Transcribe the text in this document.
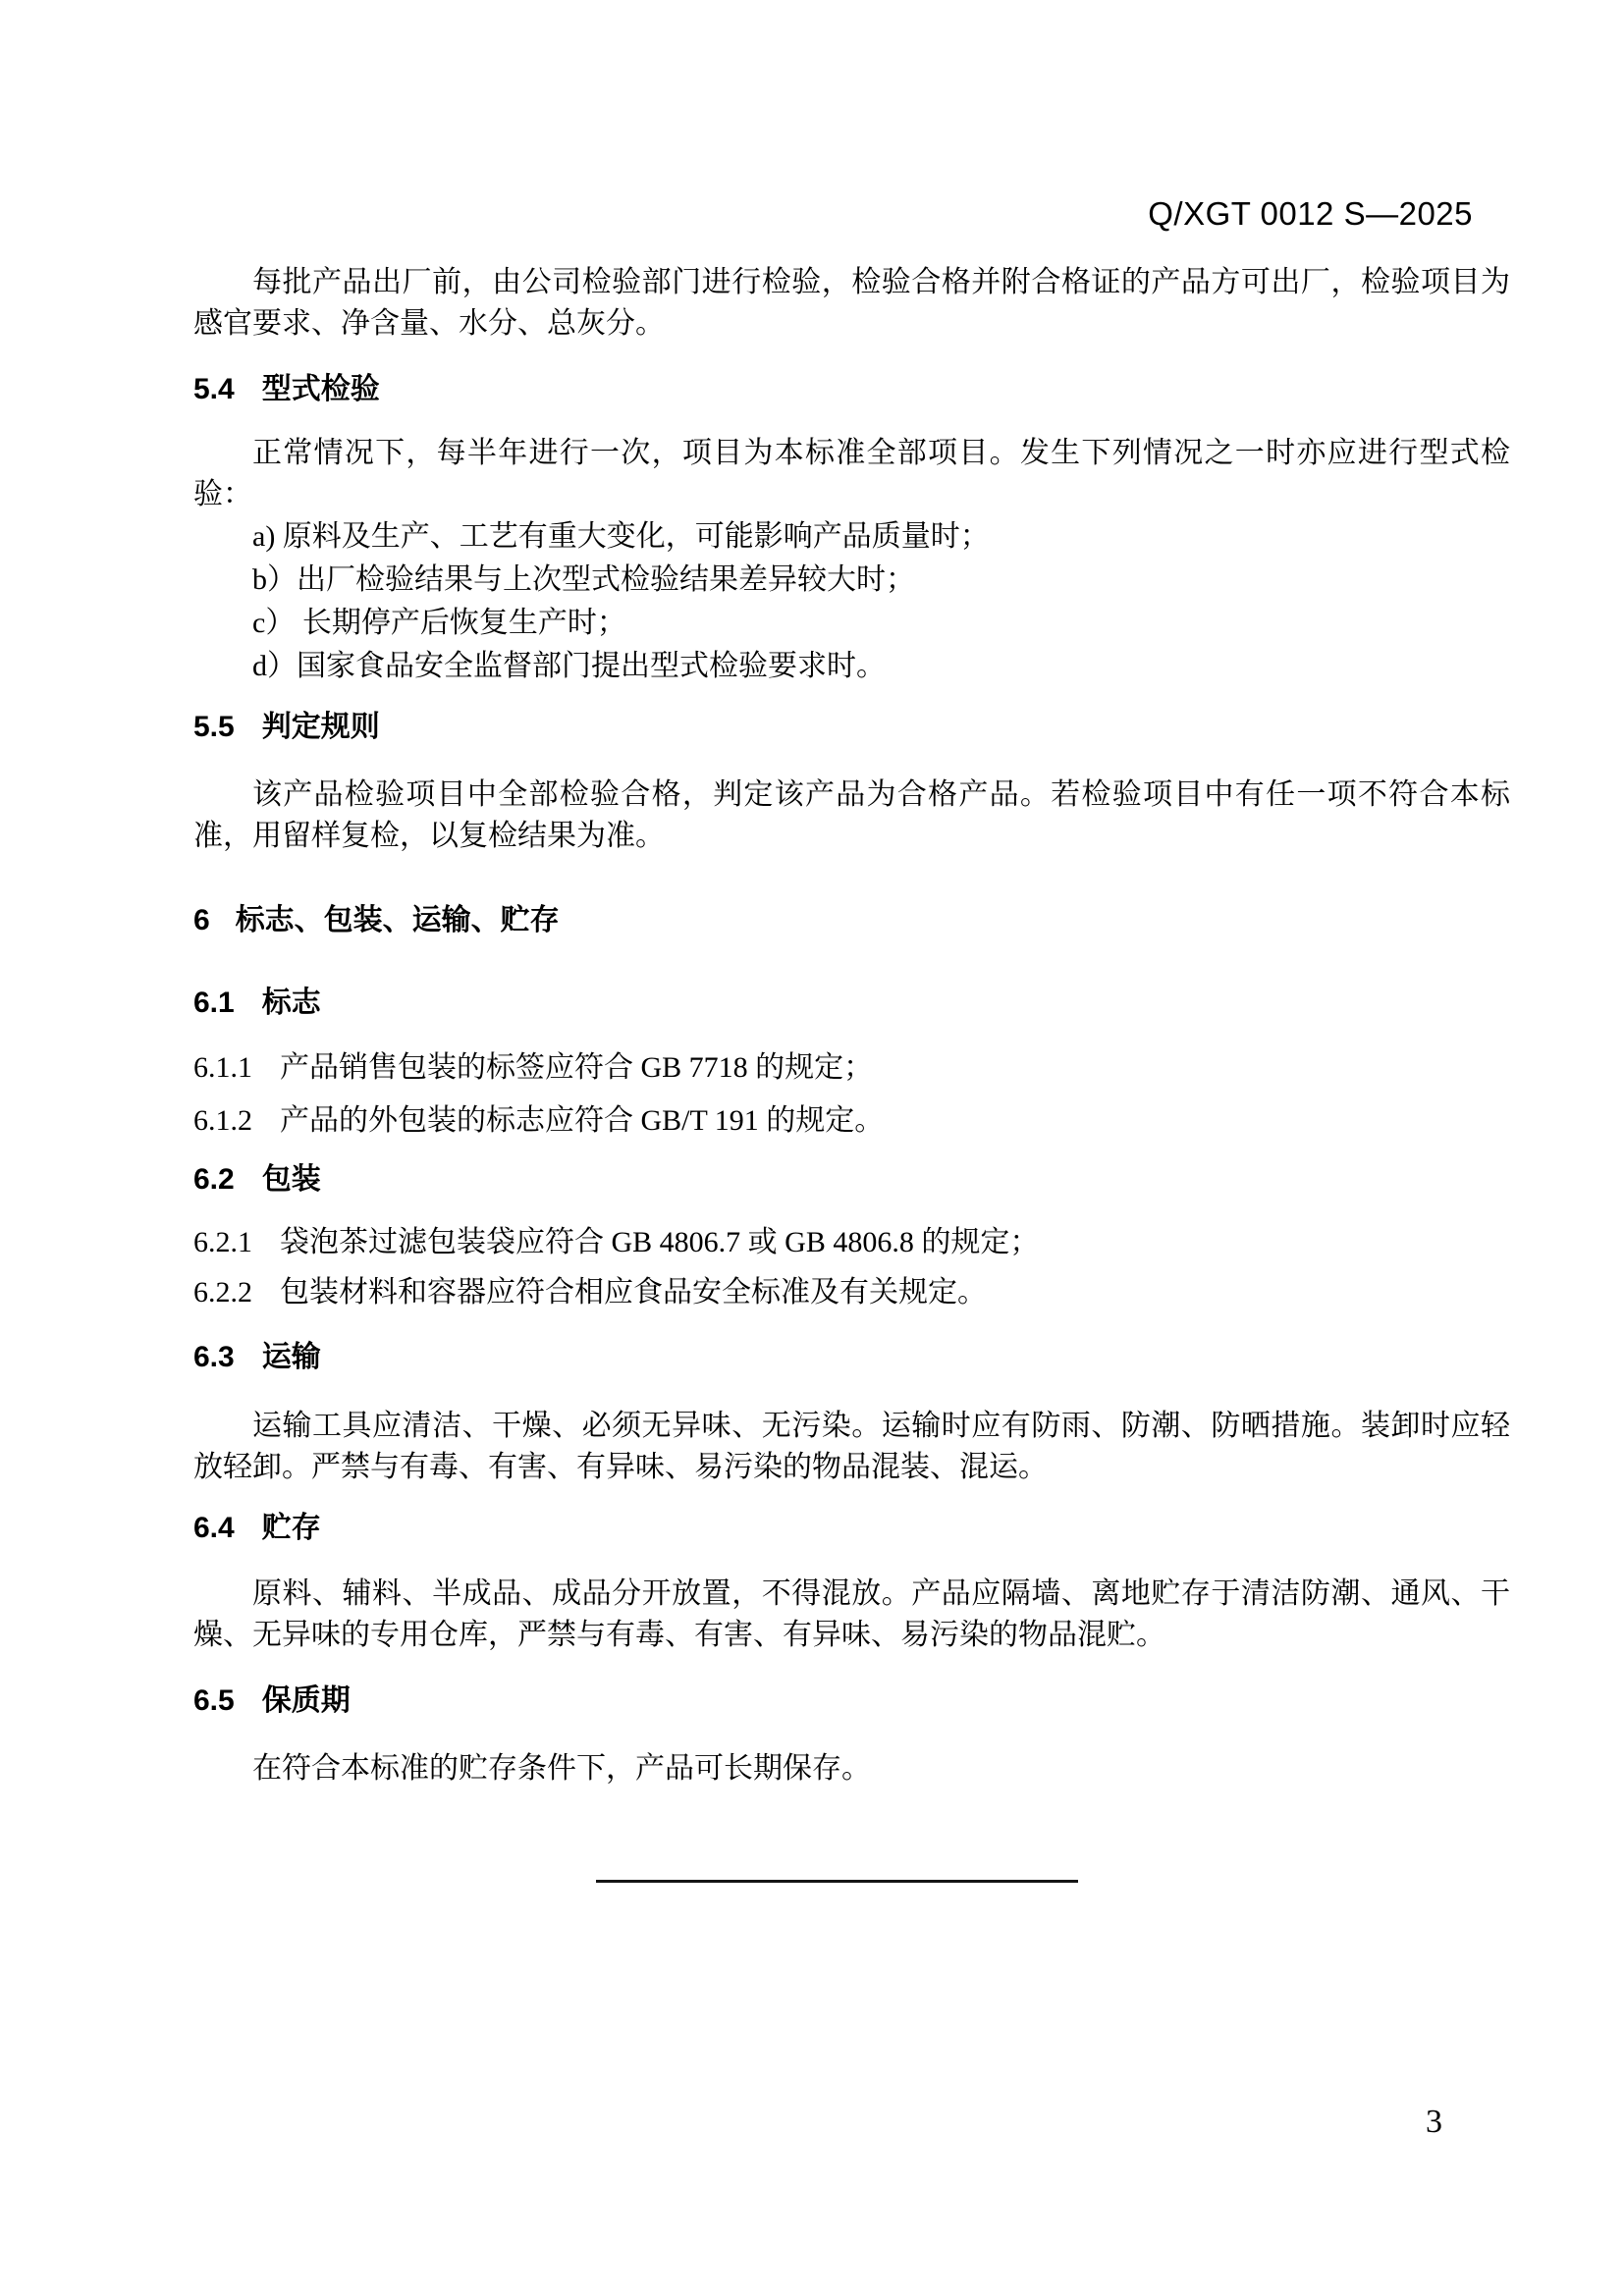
Q/XGT 0012 S—2025

每批产品出厂前，由公司检验部门进行检验，检验合格并附合格证的产品方可出厂，检验项目为感官要求、净含量、水分、总灰分。

5.4 型式检验

正常情况下，每半年进行一次，项目为本标准全部项目。发生下列情况之一时亦应进行型式检验：

a) 原料及生产、工艺有重大变化，可能影响产品质量时；
b）出厂检验结果与上次型式检验结果差异较大时；
c） 长期停产后恢复生产时；
d）国家食品安全监督部门提出型式检验要求时。
5.5 判定规则

该产品检验项目中全部检验合格，判定该产品为合格产品。若检验项目中有任一项不符合本标准，用留样复检，以复检结果为准。

6 标志、包装、运输、贮存
6.1 标志
6.1.1 产品销售包装的标签应符合 GB 7718 的规定；
6.1.2 产品的外包装的标志应符合 GB/T 191 的规定。
6.2 包装
6.2.1 袋泡茶过滤包装袋应符合 GB 4806.7 或 GB 4806.8 的规定；
6.2.2 包装材料和容器应符合相应食品安全标准及有关规定。
6.3 运输

运输工具应清洁、干燥、必须无异味、无污染。运输时应有防雨、防潮、防晒措施。装卸时应轻放轻卸。严禁与有毒、有害、有异味、易污染的物品混装、混运。

6.4 贮存

原料、辅料、半成品、成品分开放置，不得混放。产品应隔墙、离地贮存于清洁防潮、通风、干燥、无异味的专用仓库，严禁与有毒、有害、有异味、易污染的物品混贮。

6.5 保质期

在符合本标准的贮存条件下，产品可长期保存。

3
